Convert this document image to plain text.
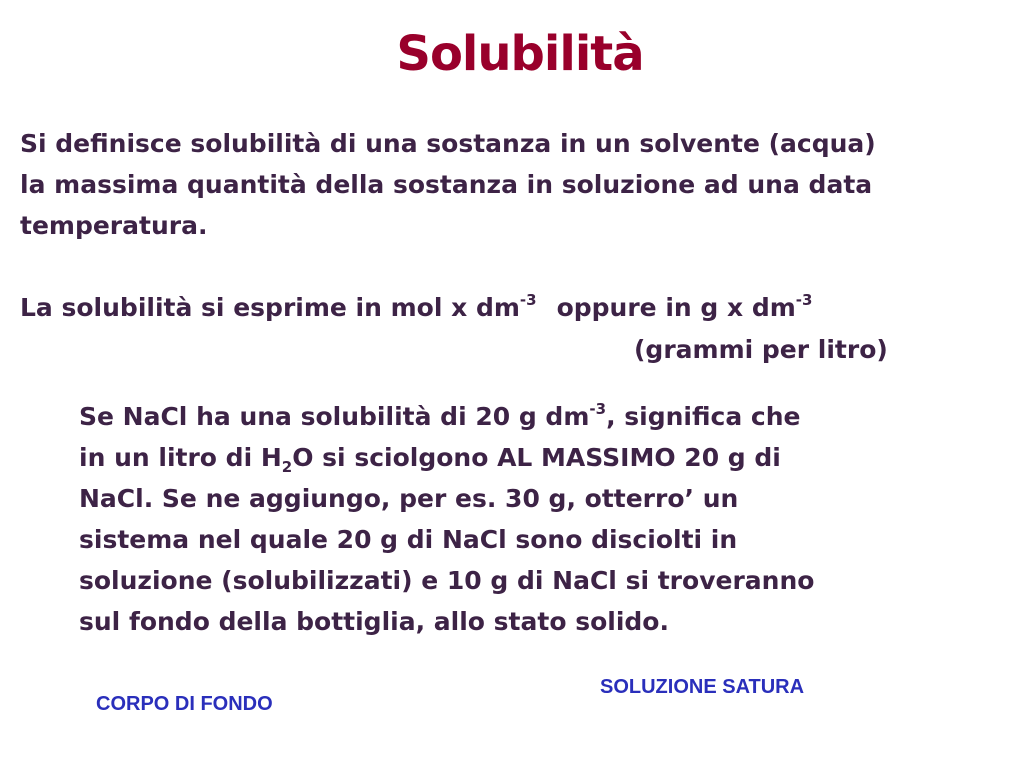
Solubilità
Si definisce solubilità di una sostanza in un solvente (acqua)
la massima quantità della sostanza in soluzione ad una data
temperatura.
La solubilità si esprime in mol x $dm^{-3}$ oppure in g x $dm^{-3}$
(grammi per litro)
Se NaCl ha una solubilità di 20 g $dm^{-3}$, significa che
in un litro di $H_2O$ si sciolgono AL MASSIMO 20 g di
NaCl. Se ne aggiungo, per es. 30 g, otterro’ un
sistema nel quale 20 g di NaCl sono disciolti in
soluzione (solubilizzati) e 10 g di NaCl si troveranno
sul fondo della bottiglia, allo stato solido.
SOLUZIONE SATURA
CORPO DI FONDO
